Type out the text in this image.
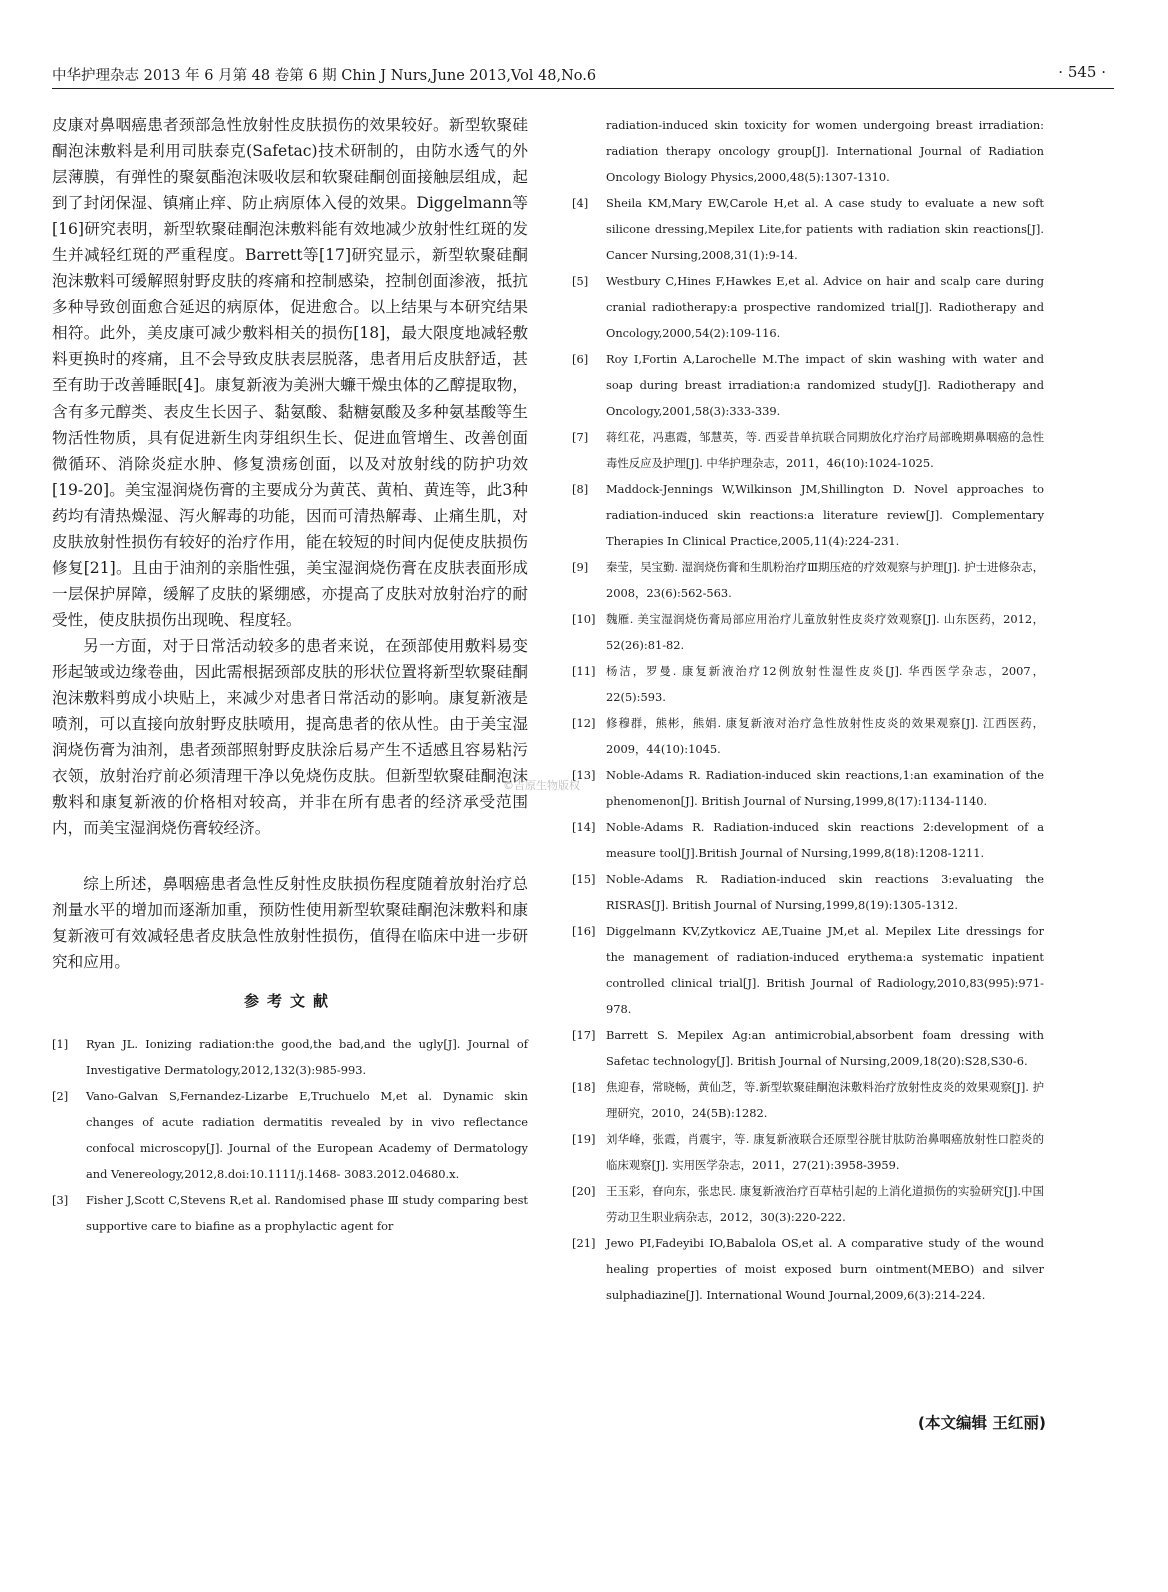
中华护理杂志 2013 年 6 月第 48 卷第 6 期 Chin J Nurs,June 2013,Vol 48,No.6	· 545 ·

皮康对鼻咽癌患者颈部急性放射性皮肤损伤的效果较好。新型软聚硅酮泡沫敷料是利用司肤泰克(Safetac)技术研制的，由防水透气的外层薄膜，有弹性的聚氨酯泡沫吸收层和软聚硅酮创面接触层组成，起到了封闭保湿、镇痛止痒、防止病原体入侵的效果。Diggelmann等[16]研究表明，新型软聚硅酮泡沫敷料能有效地减少放射性红斑的发生并减轻红斑的严重程度。Barrett等[17]研究显示，新型软聚硅酮泡沫敷料可缓解照射野皮肤的疼痛和控制感染，控制创面渗液，抵抗多种导致创面愈合延迟的病原体，促进愈合。以上结果与本研究结果相符。此外，美皮康可减少敷料相关的损伤[18]，最大限度地减轻敷料更换时的疼痛，且不会导致皮肤表层脱落，患者用后皮肤舒适，甚至有助于改善睡眠[4]。康复新液为美洲大蠊干燥虫体的乙醇提取物，含有多元醇类、表皮生长因子、黏氨酸、黏糖氨酸及多种氨基酸等生物活性物质，具有促进新生肉芽组织生长、促进血管增生、改善创面微循环、消除炎症水肿、修复溃疡创面，以及对放射线的防护功效[19-20]。美宝湿润烧伤膏的主要成分为黄芪、黄柏、黄连等，此3种药均有清热燥湿、泻火解毒的功能，因而可清热解毒、止痛生肌，对皮肤放射性损伤有较好的治疗作用，能在较短的时间内促使皮肤损伤修复[21]。且由于油剂的亲脂性强，美宝湿润烧伤膏在皮肤表面形成一层保护屏障，缓解了皮肤的紧绷感，亦提高了皮肤对放射治疗的耐受性，使皮肤损伤出现晚、程度轻。

另一方面，对于日常活动较多的患者来说，在颈部使用敷料易变形起皱或边缘卷曲，因此需根据颈部皮肤的形状位置将新型软聚硅酮泡沫敷料剪成小块贴上，来减少对患者日常活动的影响。康复新液是喷剂，可以直接向放射野皮肤喷用，提高患者的依从性。由于美宝湿润烧伤膏为油剂，患者颈部照射野皮肤涂后易产生不适感且容易粘污衣领，放射治疗前必须清理干净以免烧伤皮肤。但新型软聚硅酮泡沫敷料和康复新液的价格相对较高，并非在所有患者的经济承受范围内，而美宝湿润烧伤膏较经济。

综上所述，鼻咽癌患者急性反射性皮肤损伤程度随着放射治疗总剂量水平的增加而逐渐加重，预防性使用新型软聚硅酮泡沫敷料和康复新液可有效减轻患者皮肤急性放射性损伤，值得在临床中进一步研究和应用。

参考文献
[1]	Ryan JL. Ionizing radiation:the good,the bad,and the ugly[J]. Journal of Investigative Dermatology,2012,132(3):985-993.
[2]	Vano-Galvan S,Fernandez-Lizarbe E,Truchuelo M,et al. Dynamic skin changes of acute radiation dermatitis revealed by in vivo reflectance confocal microscopy[J]. Journal of the European Academy of Dermatology and Venereology,2012,8.doi:10.1111/j.1468- 3083.2012.04680.x.
[3]	Fisher J,Scott C,Stevens R,et al. Randomised phase Ⅲ study comparing best supportive care to biafine as a prophylactic agent for
radiation-induced skin toxicity for women undergoing breast irradiation: radiation therapy oncology group[J]. International Journal of Radiation Oncology Biology Physics,2000,48(5):1307-1310.
[4]	Sheila KM,Mary EW,Carole H,et al. A case study to evaluate a new soft silicone dressing,Mepilex Lite,for patients with radiation skin reactions[J]. Cancer Nursing,2008,31(1):9-14.
[5]	Westbury C,Hines F,Hawkes E,et al. Advice on hair and scalp care during cranial radiotherapy:a prospective randomized trial[J]. Radiotherapy and Oncology,2000,54(2):109-116.
[6]	Roy I,Fortin A,Larochelle M.The impact of skin washing with water and soap during breast irradiation:a randomized study[J]. Radiotherapy and Oncology,2001,58(3):333-339.
[7]	蒋红花，冯惠霞，邹慧英，等. 西妥昔单抗联合同期放化疗治疗局部晚期鼻咽癌的急性毒性反应及护理[J]. 中华护理杂志，2011，46(10):1024-1025.
[8]	Maddock-Jennings W,Wilkinson JM,Shillington D. Novel approaches to radiation-induced skin reactions:a literature review[J]. Complementary Therapies In Clinical Practice,2005,11(4):224-231.
[9]	秦莹，吴宝勤. 湿润烧伤膏和生肌粉治疗Ⅲ期压疮的疗效观察与护理[J]. 护士进修杂志，2008，23(6):562-563.
[10] 魏雁. 美宝湿润烧伤膏局部应用治疗儿童放射性皮炎疗效观察[J]. 山东医药，2012，52(26):81-82.
[11] 杨洁，罗曼. 康复新液治疗12例放射性湿性皮炎[J]. 华西医学杂志，2007，22(5):593.
[12] 修穆群，熊彬，熊娟. 康复新液对治疗急性放射性皮炎的效果观察[J]. 江西医药，2009，44(10):1045.
[13] Noble-Adams R. Radiation-induced skin reactions,1:an examination of the phenomenon[J]. British Journal of Nursing,1999,8(17):1134-1140.
[14] Noble-Adams R. Radiation-induced skin reactions 2:development of a measure tool[J].British Journal of Nursing,1999,8(18):1208-1211.
[15] Noble-Adams R. Radiation-induced skin reactions 3:evaluating the RISRAS[J]. British Journal of Nursing,1999,8(19):1305-1312.
[16] Diggelmann KV,Zytkovicz AE,Tuaine JM,et al. Mepilex Lite dressings for the management of radiation-induced erythema:a systematic inpatient controlled clinical trial[J]. British Journal of Radiology,2010,83(995):971-978.
[17] Barrett S. Mepilex Ag:an antimicrobial,absorbent foam dressing with Safetac technology[J]. British Journal of Nursing,2009,18(20):S28,S30-6.
[18] 焦迎春，常晓畅，黄仙芝，等.新型软聚硅酮泡沫敷料治疗放射性皮炎的效果观察[J]. 护理研究，2010，24(5B):1282.
[19] 刘华峰，张霞，肖震宇，等. 康复新液联合还原型谷胱甘肽防治鼻咽癌放射性口腔炎的临床观察[J]. 实用医学杂志，2011，27(21):3958-3959.
[20] 王玉彩，眘向东，张忠民. 康复新液治疗百草枯引起的上消化道损伤的实验研究[J].中国劳动卫生职业病杂志，2012，30(3):220-222.
[21] Jewo PI,Fadeyibi IO,Babalola OS,et al. A comparative study of the wound healing properties of moist exposed burn ointment(MEBO) and silver sulphadiazine[J]. International Wound Journal,2009,6(3):214-224.
©吉原生物版权
(本文编辑 王红丽)
